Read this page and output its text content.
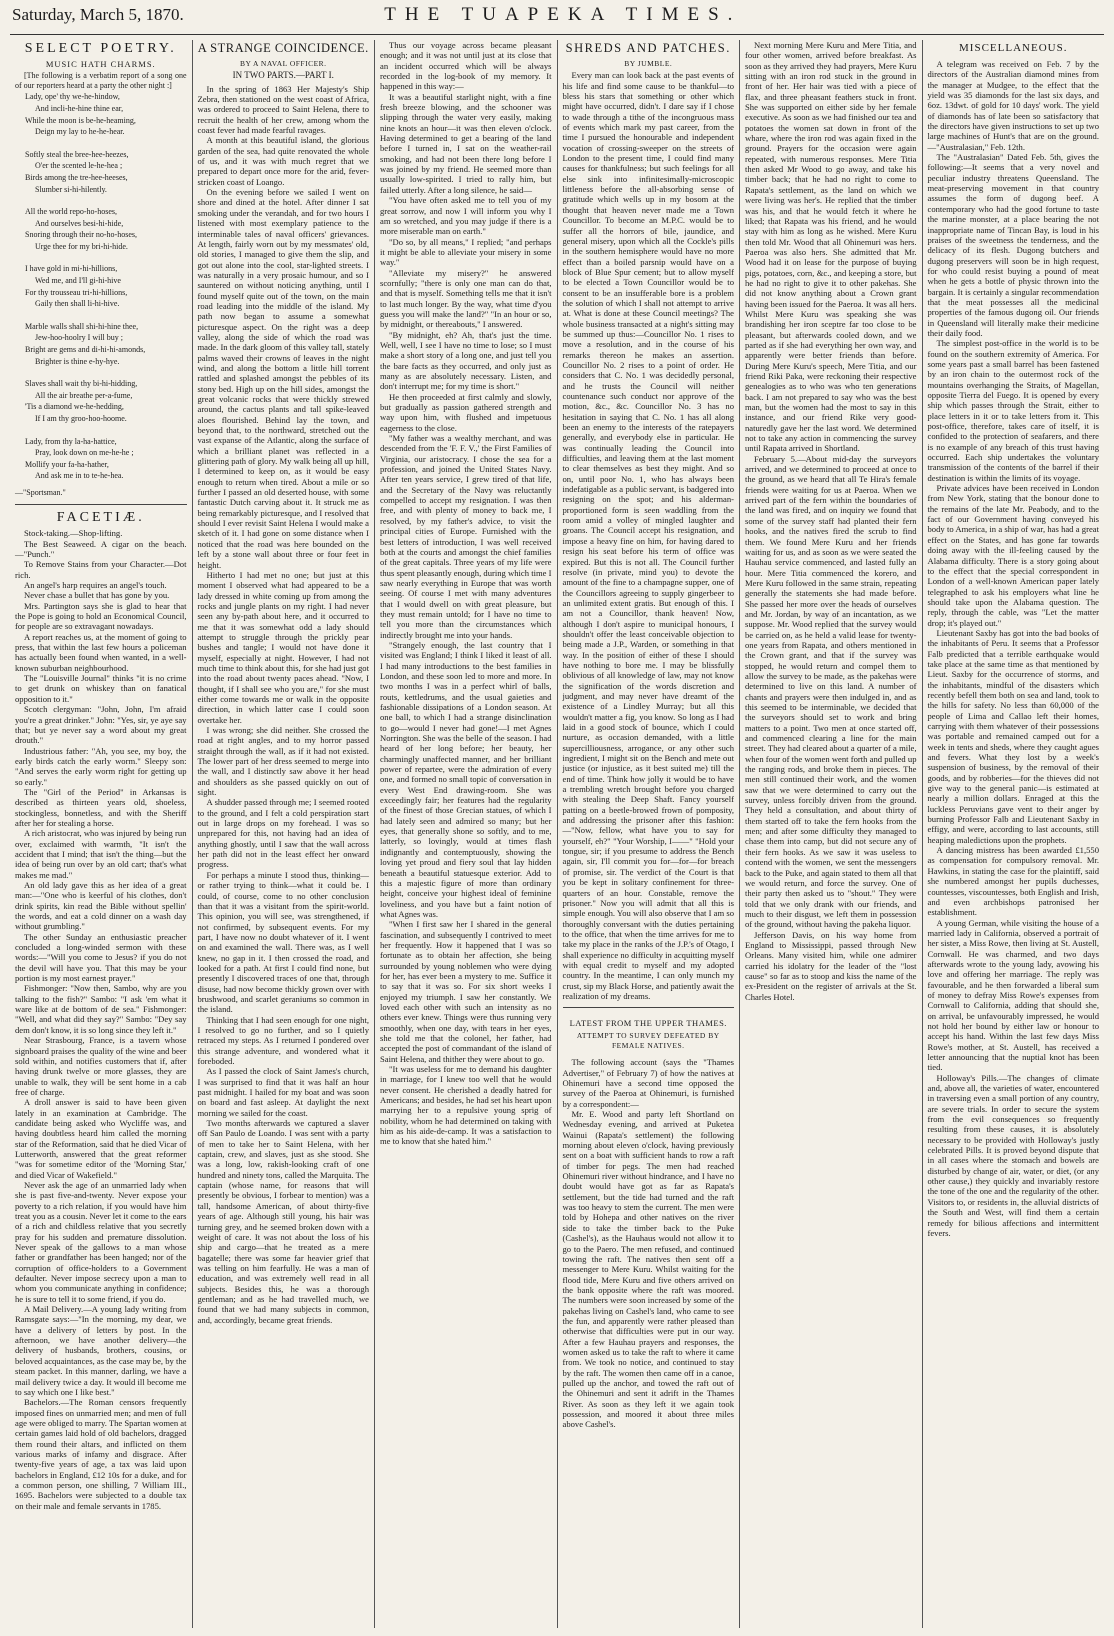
Saturday, March 5, 1870.	THE TUAPEKA TIMES.
SELECT POETRY.
MUSIC HATH CHARMS.

[The following is a verbatim report of a song one of our reporters heard at a party the other night :]

Lady, ope' thy we-he-hindow,
And incli-he-hine thine ear,
While the moon is be-he-heaming,
Deign my lay to he-he-hear.
Softly steal the bree-hee-heezes,
O'er the scented le-he-hea ;
Birds among the tre-hee-heeses,
Slumber si-hi-hilently.
All the world repo-ho-hoses,
And ourselves besi-hi-hide,
Snoring through their no-ho-hoses,
Urge thee for my bri-hi-hide.
I have gold in mi-hi-hillions,
Wed me, and I'll gi-hi-hive
For thy trousseau tri-hi-hillions,
Gaily then shall li-hi-hive.
Marble walls shall shi-hi-hine thee,
Jew-hoo-hoolry I will buy ;
Bright are gems and di-hi-hi-amonds,
Brighter is thine e-hy-hye.
Slaves shall wait thy bi-hi-hidding,
All the air breathe per-a-fume,
'Tis a diamond we-he-hedding,
If I am thy groo-hoo-hoome.
Lady, from thy la-ha-hattice,
Pray, look down on me-he-he ;
Mollify your fa-ha-hather,
And ask me in to te-he-hea.
—"Sportsman."
FACETIÆ.

Stock-taking.—Shop-lifting.

The Best Seaweed. A cigar on the beach.—"Punch."

To Remove Stains from your Character.—Dot rich.

An angel's harp requires an angel's touch.

Never chase a bullet that has gone by you.

Mrs. Partington says she is glad to hear that the Pope is going to hold an Economical Council, for people are so extravagant nowadays.

A report reaches us, at the moment of going to press, that within the last few hours a policeman has actually been found when wanted, in a well-known suburban neighbourhood.

The "Louisville Journal" thinks "it is no crime to get drunk on whiskey than on fanatical opposition to it."

Scotch clergyman: "John, John, I'm afraid you're a great drinker." John: "Yes, sir, ye aye say that; but ye never say a word about my great drouth."

Industrious father: "Ah, you see, my boy, the early birds catch the early worm." Sleepy son: "And serves the early worm right for getting up so early."

The "Girl of the Period" in Arkansas is described as thirteen years old, shoeless, stockingless, bonnetless, and with the Sheriff after her for stealing a horse.

A rich aristocrat, who was injured by being run over, exclaimed with warmth, "It isn't the accident that I mind; that isn't the thing—but the idea of being run over by an old cart; that's what makes me mad."

An old lady gave this as her idea of a great man:—"One who is keerful of his clothes, don't drink spirits, kin read the Bible without spellin' the words, and eat a cold dinner on a wash day without grumbling."

The other Sunday an enthusiastic preacher concluded a long-winded sermon with these words:—"Will you come to Jesus? if you do not the devil will have you. That this may be your portion is my most earnest prayer."

Fishmonger: "Now then, Sambo, why are you talking to the fish?" Sambo: "I ask 'em what it ware like at de bottom of de sea." Fishmonger: "Well, and what did they say?" Sambo: "Dey say dem don't know, it is so long since they left it."

Near Strasbourg, France, is a tavern whose signboard praises the quality of the wine and beer sold within, and notifies customers that if, after having drunk twelve or more glasses, they are unable to walk, they will be sent home in a cab free of charge.

A droll answer is said to have been given lately in an examination at Cambridge. The candidate being asked who Wycliffe was, and having doubtless heard him called the morning star of the Reformation, said that he died Vicar of Lutterworth, answered that the great reformer "was for sometime editor of the 'Morning Star,' and died Vicar of Wakefield."

Never ask the age of an unmarried lady when she is past five-and-twenty. Never expose your poverty to a rich relation, if you would have him treat you as a cousin. Never let it come to the ears of a rich and childless relative that you secretly pray for his sudden and premature dissolution. Never speak of the gallows to a man whose father or grandfather has been hanged; nor of the corruption of office-holders to a Government defaulter. Never impose secrecy upon a man to whom you communicate anything in confidence; he is sure to tell it to some friend, if you do.

A Mail Delivery.—A young lady writing from Ramsgate says:—"In the morning, my dear, we have a delivery of letters by post. In the afternoon, we have another delivery—the delivery of husbands, brothers, cousins, or beloved acquaintances, as the case may be, by the steam packet. In this manner, darling, we have a mail delivery twice a day. It would ill become me to say which one I like best."

Bachelors.—The Roman censors frequently imposed fines on unmarried men; and men of full age were obliged to marry. The Spartan women at certain games laid hold of old bachelors, dragged them round their altars, and inflicted on them various marks of infamy and disgrace. After twenty-five years of age, a tax was laid upon bachelors in England, £12 10s for a duke, and for a common person, one shilling, 7 William III., 1695. Bachelors were subjected to a double tax on their male and female servants in 1785.

A STRANGE COINCIDENCE.
BY A NAVAL OFFICER.
IN TWO PARTS.—PART I.

In the spring of 1863 Her Majesty's Ship Zebra, then stationed on the west coast of Africa, was ordered to proceed to Saint Helena, there to recruit the health of her crew, among whom the coast fever had made fearful ravages.

A month at this beautiful island, the glorious garden of the sea, had quite renovated the whole of us, and it was with much regret that we prepared to depart once more for the arid, fever-stricken coast of Loango.

On the evening before we sailed I went on shore and dined at the hotel. After dinner I sat smoking under the verandah, and for two hours I listened with most exemplary patience to the interminable tales of naval officers' grievances. At length, fairly worn out by my messmates' old, old stories, I managed to give them the slip, and got out alone into the cool, star-lighted streets. I was naturally in a very prosaic humour, and so I sauntered on without noticing anything, until I found myself quite out of the town, on the main road leading into the middle of the island. My path now began to assume a somewhat picturesque aspect. On the right was a deep valley, along the side of which the road was made. In the dark gloom of this valley tall, stately palms waved their crowns of leaves in the night wind, and along the bottom a little hill torrent rattled and splashed amongst the pebbles of its stony bed. High up on the hill sides, amongst the great volcanic rocks that were thickly strewed around, the cactus plants and tall spike-leaved aloes flourished. Behind lay the town, and beyond that, to the northward, stretched out the vast expanse of the Atlantic, along the surface of which a brilliant planet was reflected in a glittering path of glory. My walk being all up hill, I determined to keep on, as it would be easy enough to return when tired. About a mile or so further I passed an old deserted house, with some fantastic Dutch carving about it. It struck me as being remarkably picturesque, and I resolved that should I ever revisit Saint Helena I would make a sketch of it. I had gone on some distance when I noticed that the road was here bounded on the left by a stone wall about three or four feet in height.

Hitherto I had met no one; but just at this moment I observed what had appeared to be a lady dressed in white coming up from among the rocks and jungle plants on my right. I had never seen any by-path about here, and it occurred to me that it was somewhat odd a lady should attempt to struggle through the prickly pear bushes and tangle; I would not have done it myself, especially at night. However, I had not much time to think about this, for she had just got into the road about twenty paces ahead. "Now, I thought, if I shall see who you are," for she must either come towards me or walk in the opposite direction, in which latter case I could soon overtake her.

I was wrong; she did neither. She crossed the road at right angles, and to my horror passed straight through the wall, as if it had not existed. The lower part of her dress seemed to merge into the wall, and I distinctly saw above it her head and shoulders as she passed quickly on out of sight.

A shudder passed through me; I seemed rooted to the ground, and I felt a cold perspiration start out in large drops on my forehead. I was so unprepared for this, not having had an idea of anything ghostly, until I saw that the wall across her path did not in the least effect her onward progress.

For perhaps a minute I stood thus, thinking—or rather trying to think—what it could be. I could, of course, come to no other conclusion than that it was a visitant from the spirit-world. This opinion, you will see, was strengthened, if not confirmed, by subsequent events. For my part, I have now no doubt whatever of it. I went on and examined the wall. There was, as I well knew, no gap in it. I then crossed the road, and looked for a path. At first I could find none, but presently I discovered traces of one that, through disuse, had now become thickly grown over with brushwood, and scarlet geraniums so common in the island.

Thinking that I had seen enough for one night, I resolved to go no further, and so I quietly retraced my steps. As I returned I pondered over this strange adventure, and wondered what it foreboded.

As I passed the clock of Saint James's church, I was surprised to find that it was half an hour past midnight. I hailed for my boat and was soon on board and fast asleep. At daylight the next morning we sailed for the coast.

Two months afterwards we captured a slaver off San Paulo de Loando. I was sent with a party of men to take her to Saint Helena, with her captain, crew, and slaves, just as she stood. She was a long, low, rakish-looking craft of one hundred and ninety tons, called the Marquita. The captain (whose name, for reasons that will presently be obvious, I forbear to mention) was a tall, handsome American, of about thirty-five years of age. Although still young, his hair was turning grey, and he seemed broken down with a weight of care. It was not about the loss of his ship and cargo—that he treated as a mere bagatelle; there was some far heavier grief that was telling on him fearfully. He was a man of education, and was extremely well read in all subjects. Besides this, he was a thorough gentleman; and as he had travelled much, we found that we had many subjects in common, and, accordingly, became great friends.

Thus our voyage across became pleasant enough; and it was not until just at its close that an incident occurred which will be always recorded in the log-book of my memory. It happened in this way:—

It was a beautiful starlight night, with a fine fresh breeze blowing, and the schooner was slipping through the water very easily, making nine knots an hour—it was then eleven o'clock. Having determined to get a bearing of the land before I turned in, I sat on the weather-rail smoking, and had not been there long before I was joined by my friend. He seemed more than usually low-spirited. I tried to rally him, but failed utterly. After a long silence, he said—

"You have often asked me to tell you of my great sorrow, and now I will inform you why I am so wretched, and you may judge if there is a more miserable man on earth."

"Do so, by all means," I replied; "and perhaps it might be able to alleviate your misery in some way."

"Alleviate my misery?" he answered scornfully; "there is only one man can do that, and that is myself. Something tells me that it isn't to last much longer. By the way, what time d'you guess you will make the land?" "In an hour or so, by midnight, or thereabouts," I answered.

"By midnight, eh? Ah, that's just the time. Well, well, I see I have no time to lose; so I must make a short story of a long one, and just tell you the bare facts as they occurred, and only just as many as are absolutely necessary. Listen, and don't interrupt me; for my time is short."

He then proceeded at first calmly and slowly, but gradually as passion gathered strength and way upon him, with flushed and impetuous eagerness to the close.

"My father was a wealthy merchant, and was descended from the 'F. F. V.,' the First Families of Virginia, our aristocracy. I chose the sea for a profession, and joined the United States Navy. After ten years service, I grew tired of that life, and the Secretary of the Navy was reluctantly compelled to accept my resignation. I was then free, and with plenty of money to back me, I resolved, by my father's advice, to visit the principal cities of Europe. Furnished with the best letters of introduction, I was well received both at the courts and amongst the chief families of the great capitals. Three years of my life were thus spent pleasantly enough, during which time I saw nearly everything in Europe that was worth seeing. Of course I met with many adventures that I would dwell on with great pleasure, but they must remain untold; for I have no time to tell you more than the circumstances which indirectly brought me into your hands.

"Strangely enough, the last country that I visited was England; I think I liked it least of all. I had many introductions to the best families in London, and these soon led to more and more. In two months I was in a perfect whirl of balls, routs, kettledrums, and the usual gaieties and fashionable dissipations of a London season. At one ball, to which I had a strange disinclination to go—would I never had gone!—I met Agnes Norrington. She was the belle of the season. I had heard of her long before; her beauty, her charmingly unaffected manner, and her brilliant power of repartee, were the admiration of every one, and formed no small topic of conversation in every West End drawing-room. She was exceedingly fair; her features had the regularity of the finest of those Grecian statues, of which I had lately seen and admired so many; but her eyes, that generally shone so softly, and to me, latterly, so lovingly, would at times flash indignantly and contemptuously, showing the loving yet proud and fiery soul that lay hidden beneath a beautiful statuesque exterior. Add to this a majestic figure of more than ordinary height, conceive your highest ideal of feminine loveliness, and you have but a faint notion of what Agnes was.

"When I first saw her I shared in the general fascination, and subsequently I contrived to meet her frequently. How it happened that I was so fortunate as to obtain her affection, she being surrounded by young noblemen who were dying for her, has ever been a mystery to me. Suffice it to say that it was so. For six short weeks I enjoyed my triumph. I saw her constantly. We loved each other with such an intensity as no others ever knew. Things were thus running very smoothly, when one day, with tears in her eyes, she told me that the colonel, her father, had accepted the post of commandant of the island of Saint Helena, and thither they were about to go.

"It was useless for me to demand his daughter in marriage, for I knew too well that he would never consent. He cherished a deadly hatred for Americans; and besides, he had set his heart upon marrying her to a repulsive young sprig of nobility, whom he had determined on taking with him as his aide-de-camp. It was a satisfaction to me to know that she hated him."

SHREDS AND PATCHES.
BY JUMBLE.

Every man can look back at the past events of his life and find some cause to be thankful—to bless his stars that something or other which might have occurred, didn't. I dare say if I chose to wade through a tithe of the incongruous mass of events which mark my past career, from the time I pursued the honourable and independent vocation of crossing-sweeper on the streets of London to the present time, I could find many causes for thankfulness; but such feelings for all else sink into infinitesimally-microscopic littleness before the all-absorbing sense of gratitude which wells up in my bosom at the thought that heaven never made me a Town Councillor. To become an M.P.C. would be to suffer all the horrors of bile, jaundice, and general misery, upon which all the Cockle's pills in the southern hemisphere would have no more effect than a boiled parsnip would have on a block of Blue Spur cement; but to allow myself to be elected a Town Councillor would be to consent to be an insufferable bore is a problem the solution of which I shall not attempt to arrive at. What is done at these Council meetings? The whole business transacted at a night's sitting may be summed up thus:—Councillor No. 1 rises to move a resolution, and in the course of his remarks thereon he makes an assertion. Councillor No. 2 rises to a point of order. He considers that C. No. 1 was decidedly personal, and he trusts the Council will neither countenance such conduct nor approve of the motion, &c., &c. Councillor No. 3 has no hesitation in saying that C. No. 1 has all along been an enemy to the interests of the ratepayers generally, and everybody else in particular. He was continually leading the Council into difficulties, and leaving them at the last moment to clear themselves as best they might. And so on, until poor No. 1, who has always been indefatigable as a public servant, is badgered into resigning on the spot; and his alderman-proportioned form is seen waddling from the room amid a volley of mingled laughter and groans. The Council accept his resignation, and impose a heavy fine on him, for having dared to resign his seat before his term of office was expired. But this is not all. The Council further resolve (in private, mind you) to devote the amount of the fine to a champagne supper, one of the Councillors agreeing to supply gingerbeer to an unlimited extent gratis. But enough of this. I am not a Councillor, thank heaven! Now, although I don't aspire to municipal honours, I shouldn't offer the least conceivable objection to being made a J.P., Warden, or something in that way. In the position of either of these I should have nothing to bore me. I may be blissfully oblivious of all knowledge of law, may not know the signification of the words discretion and judgment, and may never have dreamt of the existence of a Lindley Murray; but all this wouldn't matter a fig, you know. So long as I had laid in a good stock of bounce, which I could nurture, as occasion demanded, with a little supercilliousness, arrogance, or any other such ingredient, I might sit on the Bench and mete out justice (or injustice, as it best suited me) till the end of time. Think how jolly it would be to have a trembling wretch brought before you charged with stealing the Deep Shaft. Fancy yourself patting on a beetle-browed frown of pomposity, and addressing the prisoner after this fashion:—"Now, fellow, what have you to say for yourself, eh?" "Your Worship, I——" "Hold your tongue, sir; if you presume to address the Bench again, sir, I'll commit you for—for—for breach of promise, sir. The verdict of the Court is that you be kept in solitary confinement for three-quarters of an hour. Constable, remove the prisoner." Now you will admit that all this is simple enough. You will also observe that I am so thoroughly conversant with the duties pertaining to the office, that when the time arrives for me to take my place in the ranks of the J.P.'s of Otago, I shall experience no difficulty in acquitting myself with equal credit to myself and my adopted country. In the meantime, I can only munch my crust, sip my Black Horse, and patiently await the realization of my dreams.

LATEST FROM THE UPPER THAMES.
ATTEMPT TO SURVEY DEFEATED BY FEMALE NATIVES.

The following account (says the "Thames Advertiser," of February 7) of how the natives at Ohinemuri have a second time opposed the survey of the Paeroa at Ohinemuri, is furnished by a correspondent:—

Mr. E. Wood and party left Shortland on Wednesday evening, and arrived at Puketea Wainui (Rapata's settlement) the following morning about eleven o'clock, having previously sent on a boat with sufficient hands to row a raft of timber for pegs. The men had reached Ohinemuri river without hindrance, and I have no doubt would have got as far as Rapata's settlement, but the tide had turned and the raft was too heavy to stem the current. The men were told by Hohepa and other natives on the river side to take the timber back to the Puke (Cashel's), as the Hauhaus would not allow it to go to the Paero. The men refused, and continued towing the raft. The natives then sent off a messenger to Mere Kuru. Whilst waiting for the flood tide, Mere Kuru and five others arrived on the bank opposite where the raft was moored. The numbers were soon increased by some of the pakehas living on Cashel's land, who came to see the fun, and apparently were rather pleased than otherwise that difficulties were put in our way. After a few Hauhau prayers and responses, the women asked us to take the raft to where it came from. We took no notice, and continued to stay by the raft. The women then came off in a canoe, pulled up the anchor, and towed the raft out of the Ohinemuri and sent it adrift in the Thames River. As soon as they left it we again took possession, and moored it about three miles above Cashel's.

Next morning Mere Kuru and Mere Titia, and four other women, arrived before breakfast. As soon as they arrived they had prayers, Mere Kuru sitting with an iron rod stuck in the ground in front of her. Her hair was tied with a piece of flax, and three pheasant feathers stuck in front. She was supported on either side by her female executive. As soon as we had finished our tea and potatoes the women sat down in front of the whare, where the iron rod was again fixed in the ground. Prayers for the occasion were again repeated, with numerous responses. Mere Titia then asked Mr Wood to go away, and take his timber back; that he had no right to come to Rapata's settlement, as the land on which we were living was her's. He replied that the timber was his, and that he would fetch it where he liked; that Rapata was his friend, and he would stay with him as long as he wished. Mere Kuru then told Mr. Wood that all Ohinemuri was hers. Paeroa was also hers. She admitted that Mr. Wood had it on lease for the purpose of buying pigs, potatoes, corn, &c., and keeping a store, but he had no right to give it to other pakehas. She did not know anything about a Crown grant having been issued for the Paeroa. It was all hers. Whilst Mere Kuru was speaking she was brandishing her iron sceptre far too close to be pleasant, but afterwards cooled down, and we parted as if she had everything her own way, and apparently were better friends than before. During Mere Kuru's speech, Mere Titia, and our friend Riki Paka, were reckoning their respective genealogies as to who was who ten generations back. I am not prepared to say who was the best man, but the women had the most to say in this instance, and our friend Rike very good-naturedly gave her the last word. We determined not to take any action in commencing the survey until Rapata arrived in Shortland.

February 5.—About mid-day the surveyors arrived, and we determined to proceed at once to the ground, as we heard that all Te Hira's female friends were waiting for us at Paeroa. When we arrived part of the fern within the boundaries of the land was fired, and on inquiry we found that some of the survey staff had planted their fern hooks, and the natives fired the scrub to find them. We found Mere Kuru and her friends waiting for us, and as soon as we were seated the Hauhau service commenced, and lasted fully an hour. Mere Titia commenced the korero, and Mere Kuru followed in the same strain, repeating generally the statements she had made before. She passed her more over the heads of ourselves and Mr. Jordan, by way of an incantation, as we suppose. Mr. Wood replied that the survey would be carried on, as he held a valid lease for twenty-one years from Rapata, and others mentioned in the Crown grant, and that if the survey was stopped, he would return and compel them to allow the survey to be made, as the pakehas were determined to live on this land. A number of chants and prayers were then indulged in, and as this seemed to be interminable, we decided that the surveyors should set to work and bring matters to a point. Two men at once started off, and commenced clearing a line for the main street. They had cleared about a quarter of a mile, when four of the women went forth and pulled up the ranging rods, and broke them in pieces. The men still continued their work, and the women saw that we were determined to carry out the survey, unless forcibly driven from the ground. They held a consultation, and about thirty of them started off to take the fern hooks from the men; and after some difficulty they managed to chase them into camp, but did not secure any of their fern hooks. As we saw it was useless to contend with the women, we sent the messengers back to the Puke, and again stated to them all that we would return, and force the survey. One of their party then asked us to "shout." They were told that we only drank with our friends, and much to their disgust, we left them in possession of the ground, without having the pakeha liquor.

Jefferson Davis, on his way home from England to Mississippi, passed through New Orleans. Many visited him, while one admirer carried his idolatry for the leader of the "lost cause" so far as to stoop and kiss the name of the ex-President on the register of arrivals at the St. Charles Hotel.

MISCELLANEOUS.

A telegram was received on Feb. 7 by the directors of the Australian diamond mines from the manager at Mudgee, to the effect that the yield was 35 diamonds for the last six days, and 6oz. 13dwt. of gold for 10 days' work. The yield of diamonds has of late been so satisfactory that the directors have given instructions to set up two large machines of Hunt's that are on the ground.—"Australasian," Feb. 12th.

The "Australasian" Dated Feb. 5th, gives the following:—It seems that a very novel and peculiar industry threatens Queensland. The meat-preserving movement in that country assumes the form of dugong beef. A contemporary who had the good fortune to taste the marine monster, at a place bearing the not inappropriate name of Tincan Bay, is loud in his praises of the sweetness the tenderness, and the delicacy of its flesh. Dugong butchers and dugong preservers will soon be in high request, for who could resist buying a pound of meat when he gets a bottle of physic thrown into the bargain. It is certainly a singular recommendation that the meat possesses all the medicinal properties of the famous dugong oil. Our friends in Queensland will literally make their medicine their daily food.

The simplest post-office in the world is to be found on the southern extremity of America. For some years past a small barrel has been fastened by an iron chain to the outermost rock of the mountains overhanging the Straits, of Magellan, opposite Tierra del Fuego. It is opened by every ship which passes through the Strait, either to place letters in it or to take letters from it. This post-office, therefore, takes care of itself, it is confided to the protection of seafarers, and there is no example of any breach of this trust having occurred. Each ship undertakes the voluntary transmission of the contents of the barrel if their destination is within the limits of its voyage.

Private advices have been received in London from New York, stating that the bonour done to the remains of the late Mr. Peabody, and to the fact of our Government having conveyed his body to America, in a ship of war, has had a great effect on the States, and has gone far towards doing away with the ill-feeling caused by the Alabama difficulty. There is a story going about to the effect that the special correspondent in London of a well-known American paper lately telegraphed to ask his employers what line he should take upon the Alabama question. The reply, through the cable, was "Let the matter drop; it's played out."

Lieutenant Saxby has got into the bad books of the inhabitants of Peru. It seems that a Professor Falb predicted that a terrible earthquake would take place at the same time as that mentioned by Lieut. Saxby for the occurrence of storms, and the inhabitants, mindful of the disasters which recently befell them both on sea and land, took to the hills for safety. No less than 60,000 of the people of Lima and Callao left their homes, carrying with them whatever of their possessions was portable and remained camped out for a week in tents and sheds, where they caught agues and fevers. What they lost by a week's suspension of business, by the removal of their goods, and by robberies—for the thieves did not give way to the general panic—is estimated at nearly a million dollars. Enraged at this the luckless Peruvians gave vent to their anger by burning Professor Falb and Lieutenant Saxby in effigy, and were, according to last accounts, still heaping maledictions upon the prophets.

A dancing mistress has been awarded £1,550 as compensation for compulsory removal. Mr. Hawkins, in stating the case for the plaintiff, said she numbered amongst her pupils duchesses, countesses, viscountesses, both English and Irish, and even archbishops patronised her establishment.

A young German, while visiting the house of a married lady in California, observed a portrait of her sister, a Miss Rowe, then living at St. Austell, Cornwall. He was charmed, and two days afterwards wrote to the young lady, avowing his love and offering her marriage. The reply was favourable, and he then forwarded a liberal sum of money to defray Miss Rowe's expenses from Cornwall to California, adding that should she, on arrival, be unfavourably impressed, he would not hold her bound by either law or honour to accept his hand. Within the last few days Miss Rowe's mother, at St. Austell, has received a letter announcing that the nuptial knot has been tied.

Holloway's Pills.—The changes of climate and, above all, the varieties of water, encountered in traversing even a small portion of any country, are severe trials. In order to secure the system from the evil consequences so frequently resulting from these causes, it is absolutely necessary to be provided with Holloway's justly celebrated Pills. It is proved beyond dispute that in all cases where the stomach and bowels are disturbed by change of air, water, or diet, (or any other cause,) they quickly and invariably restore the tone of the one and the regularity of the other. Visitors to, or residents in, the alluvial districts of the South and West, will find them a certain remedy for bilious affections and intermittent fevers.
